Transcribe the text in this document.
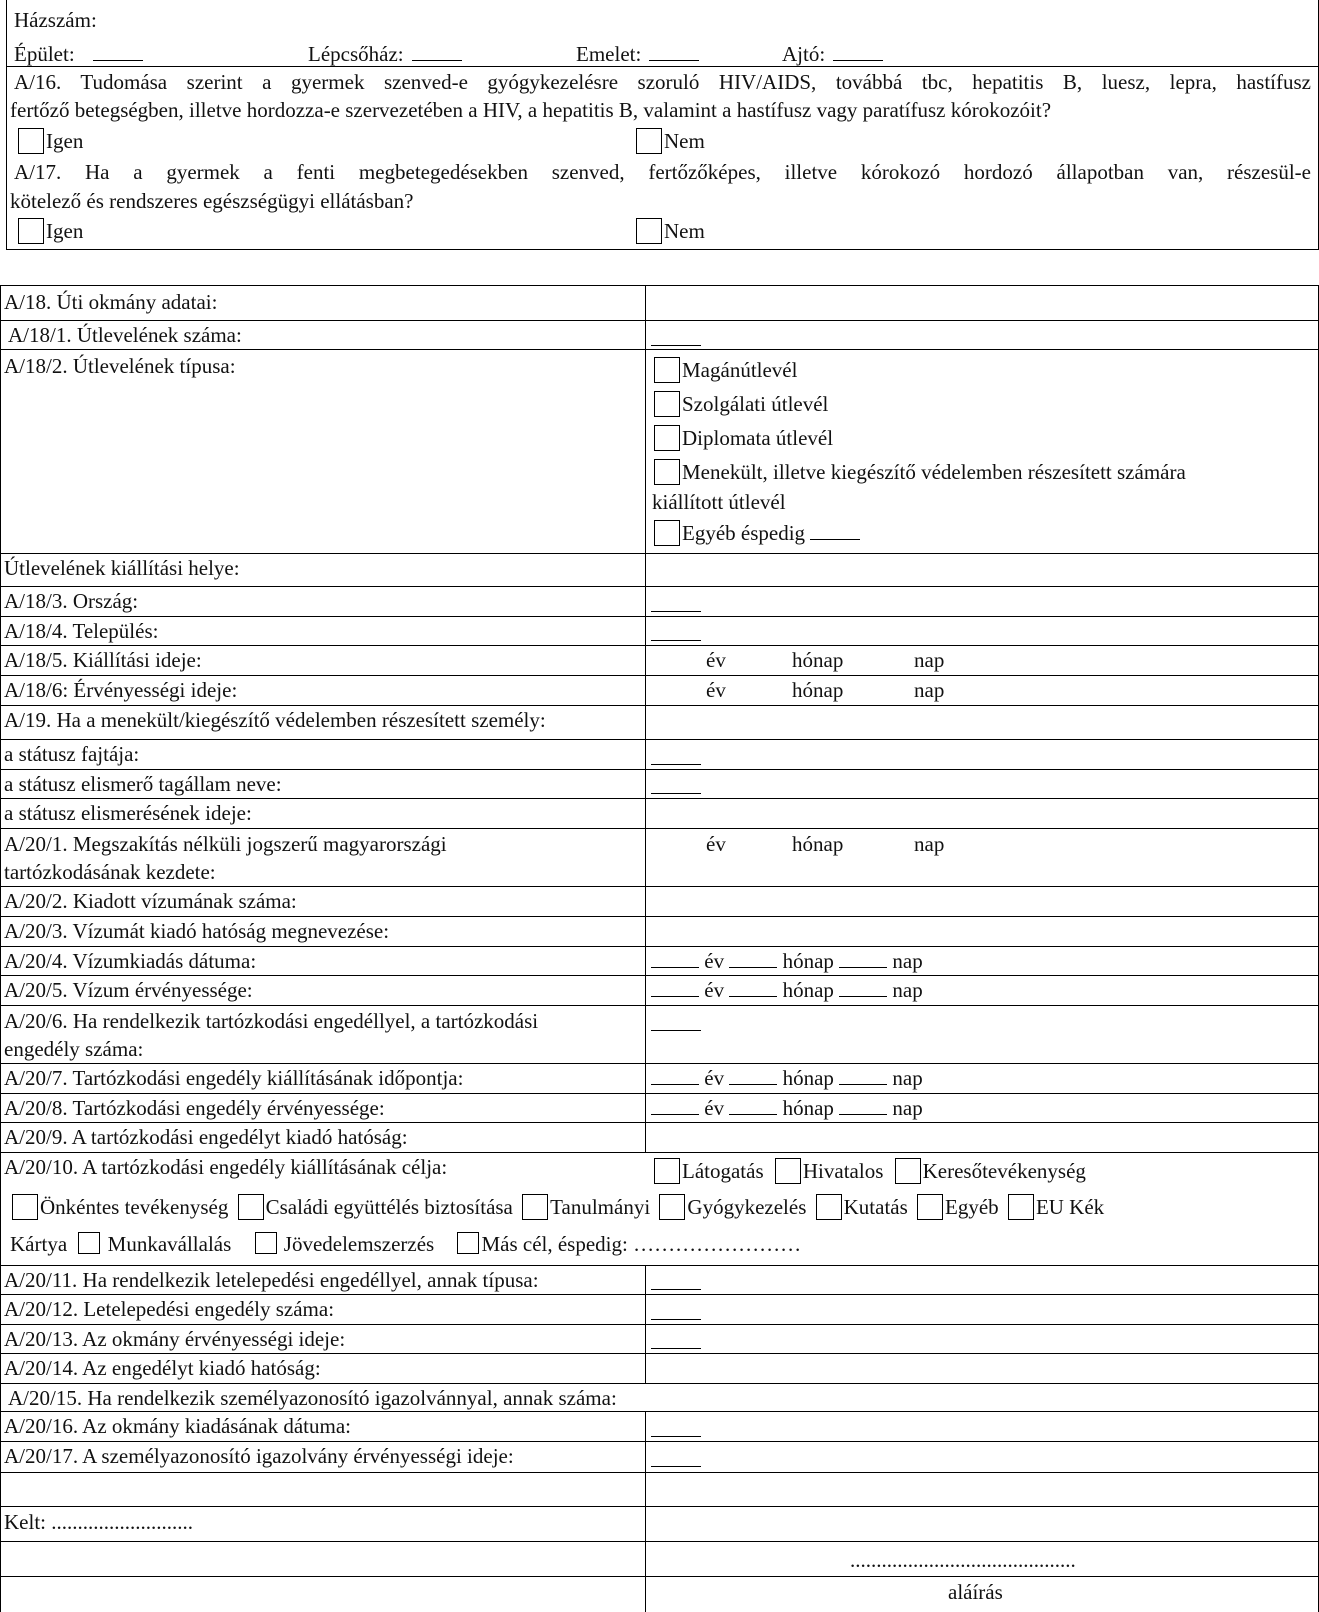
Házszám:
Épület:	Lépcsőház:	Emelet:	Ajtó:
A/16. Tudomása szerint a gyermek szenved-e gyógykezelésre szoruló HIV/AIDS, továbbá tbc, hepatitis B, luesz, lepra, hastífusz
fertőző betegségben, illetve hordozza-e szervezetében a HIV, a hepatitis B, valamint a hastífusz vagy paratífusz kórokozóit?
Igen	Nem
A/17. Ha a gyermek a fenti megbetegedésekben szenved, fertőzőképes, illetve kórokozó hordozó állapotban van, részesül-e
kötelező és rendszeres egészségügyi ellátásban?
Igen	Nem
A/18. Úti okmány adatai:
A/18/1. Útlevelének száma:
A/18/2. Útlevelének típusa:	Magánútlevél
Szolgálati útlevél
Diplomata útlevél
Menekült, illetve kiegészítő védelemben részesített számára
kiállított útlevél
Egyéb éspedig
Útlevelének kiállítási helye:
A/18/3. Ország:
A/18/4. Település:
A/18/5. Kiállítási ideje:	év	hónap	nap
A/18/6: Érvényességi ideje:	év	hónap	nap
A/19. Ha a menekült/kiegészítő védelemben részesített személy:
a státusz fajtája:
a státusz elismerő tagállam neve:
a státusz elismerésének ideje:
A/20/1. Megszakítás nélküli jogszerű magyarországi
tartózkodásának kezdete:
év	hónap	nap
A/20/2. Kiadott vízumának száma:
A/20/3. Vízumát kiadó hatóság megnevezése:
A/20/4. Vízumkiadás dátuma:	év	hónap	nap
A/20/5. Vízum érvényessége:	év	hónap	nap
A/20/6. Ha rendelkezik tartózkodási engedéllyel, a tartózkodási
engedély száma:
A/20/7. Tartózkodási engedély kiállításának időpontja:	év	hónap	nap
A/20/8. Tartózkodási engedély érvényessége:	év	hónap	nap
A/20/9. A tartózkodási engedélyt kiadó hatóság:
A/20/10. A tartózkodási engedély kiállításának célja:	Látogatás Hivatalos Keresőtevékenység
Önkéntes tevékenység Családi együttélés biztosítása Tanulmányi Gyógykezelés Kutatás Egyéb EU Kék
Kártya Munkavállalás	Jövedelemszerzés Más cél, éspedig: ……………………
A/20/11. Ha rendelkezik letelepedési engedéllyel, annak típusa:
A/20/12. Letelepedési engedély száma:
A/20/13. Az okmány érvényességi ideje:
A/20/14. Az engedélyt kiadó hatóság:
A/20/15. Ha rendelkezik személyazonosító igazolvánnyal, annak száma:
A/20/16. Az okmány kiadásának dátuma:
A/20/17. A személyazonosító igazolvány érvényességi ideje:
Kelt: ...........................
...........................................
aláírás
